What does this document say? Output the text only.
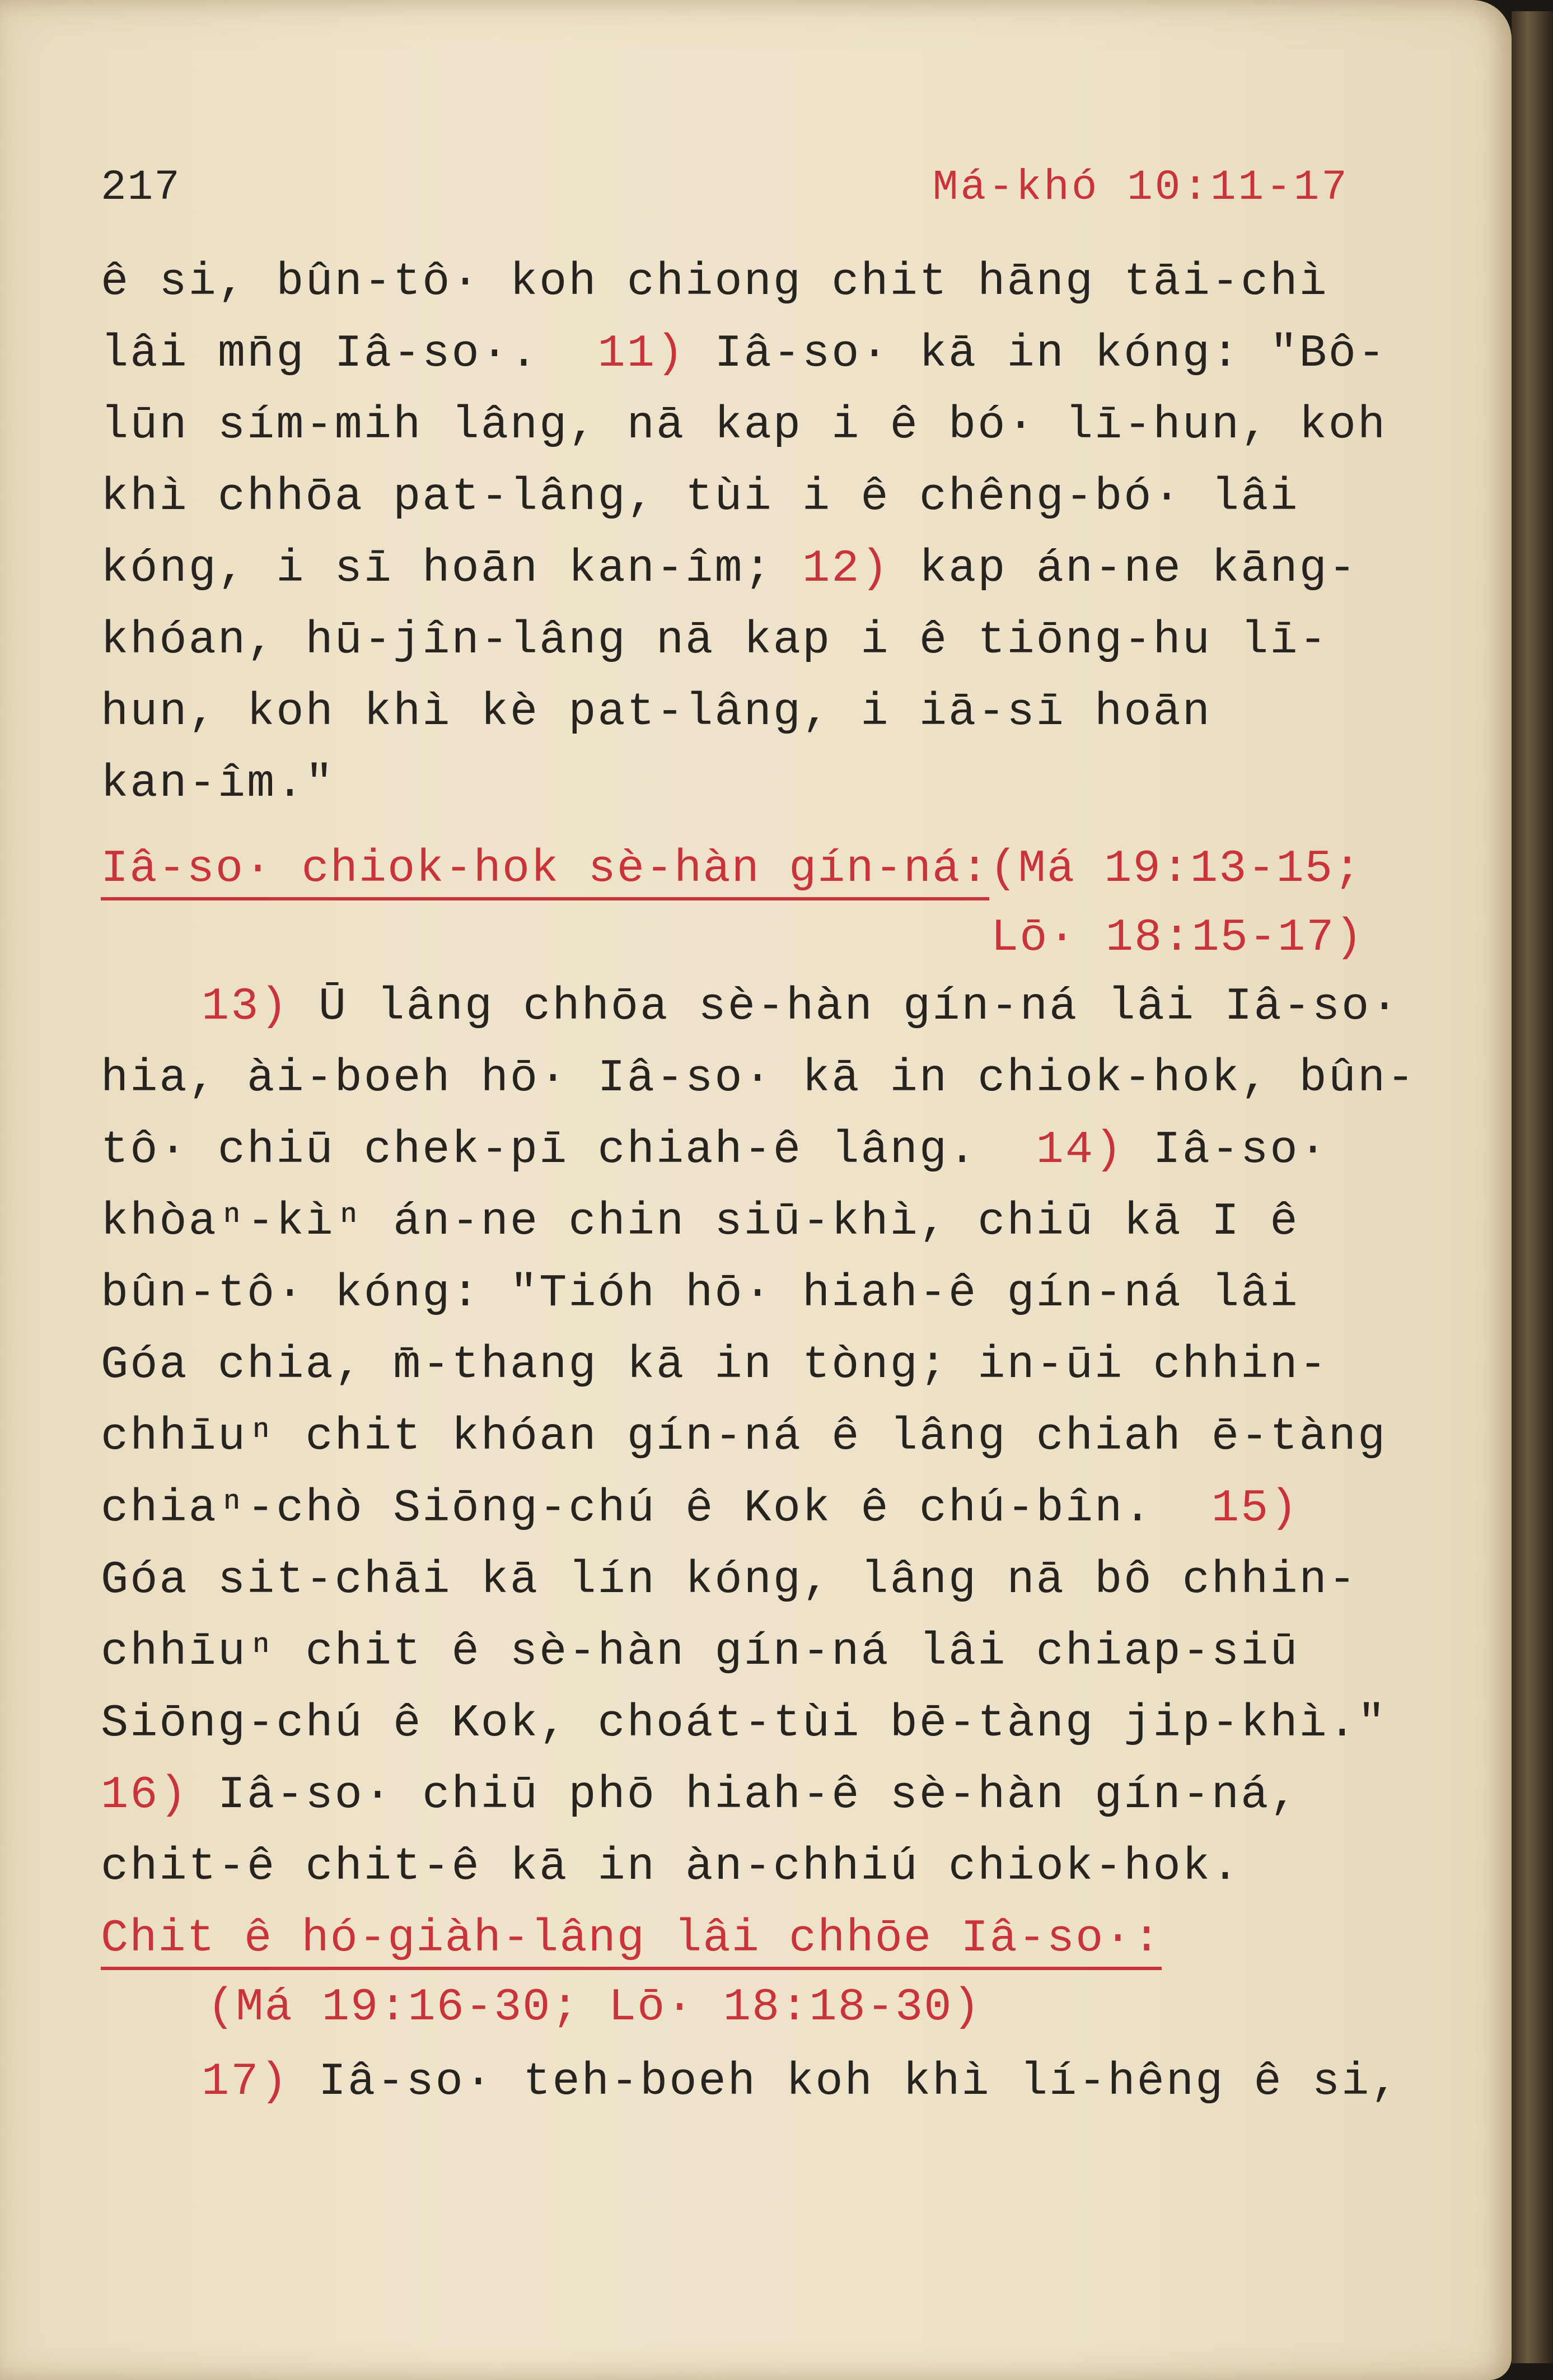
217	Má-khó 10:11-17
ê si, bûn-tô· koh chiong chit hāng tāi-chì
lâi mn̄g Iâ-so·. 11) Iâ-so· kā in kóng: "Bô-
lūn sím-mih lâng, nā kap i ê bó· lī-hun, koh
khì chhōa pat-lâng, tùi i ê chêng-bó· lâi
kóng, i sī hoān kan-îm; 12) kap án-ne kāng-
khóan, hū-jîn-lâng nā kap i ê tiōng-hu lī-
hun, koh khì kè pat-lâng, i iā-sī hoān
kan-îm."
Iâ-so· chiok-hok sè-hàn gín-ná:(Má 19:13-15;
Lō· 18:15-17)
13) Ū lâng chhōa sè-hàn gín-ná lâi Iâ-so·
hia, ài-boeh hō· Iâ-so· kā in chiok-hok, bûn-
tô· chiū chek-pī chiah-ê lâng. 14) Iâ-so·
khòaⁿ-kìⁿ án-ne chin siū-khì, chiū kā I ê
bûn-tô· kóng: "Tióh hō· hiah-ê gín-ná lâi
Góa chia, m̄-thang kā in tòng; in-ūi chhin-
chhīuⁿ chit khóan gín-ná ê lâng chiah ē-tàng
chiaⁿ-chò Siōng-chú ê Kok ê chú-bîn. 15)
Góa sit-chāi kā lín kóng, lâng nā bô chhin-
chhīuⁿ chit ê sè-hàn gín-ná lâi chiap-siū
Siōng-chú ê Kok, choát-tùi bē-tàng jip-khì."
16) Iâ-so· chiū phō hiah-ê sè-hàn gín-ná,
chit-ê chit-ê kā in àn-chhiú chiok-hok.
Chit ê hó-giàh-lâng lâi chhōe Iâ-so·:
(Má 19:16-30; Lō· 18:18-30)
17) Iâ-so· teh-boeh koh khì lí-hêng ê si,
